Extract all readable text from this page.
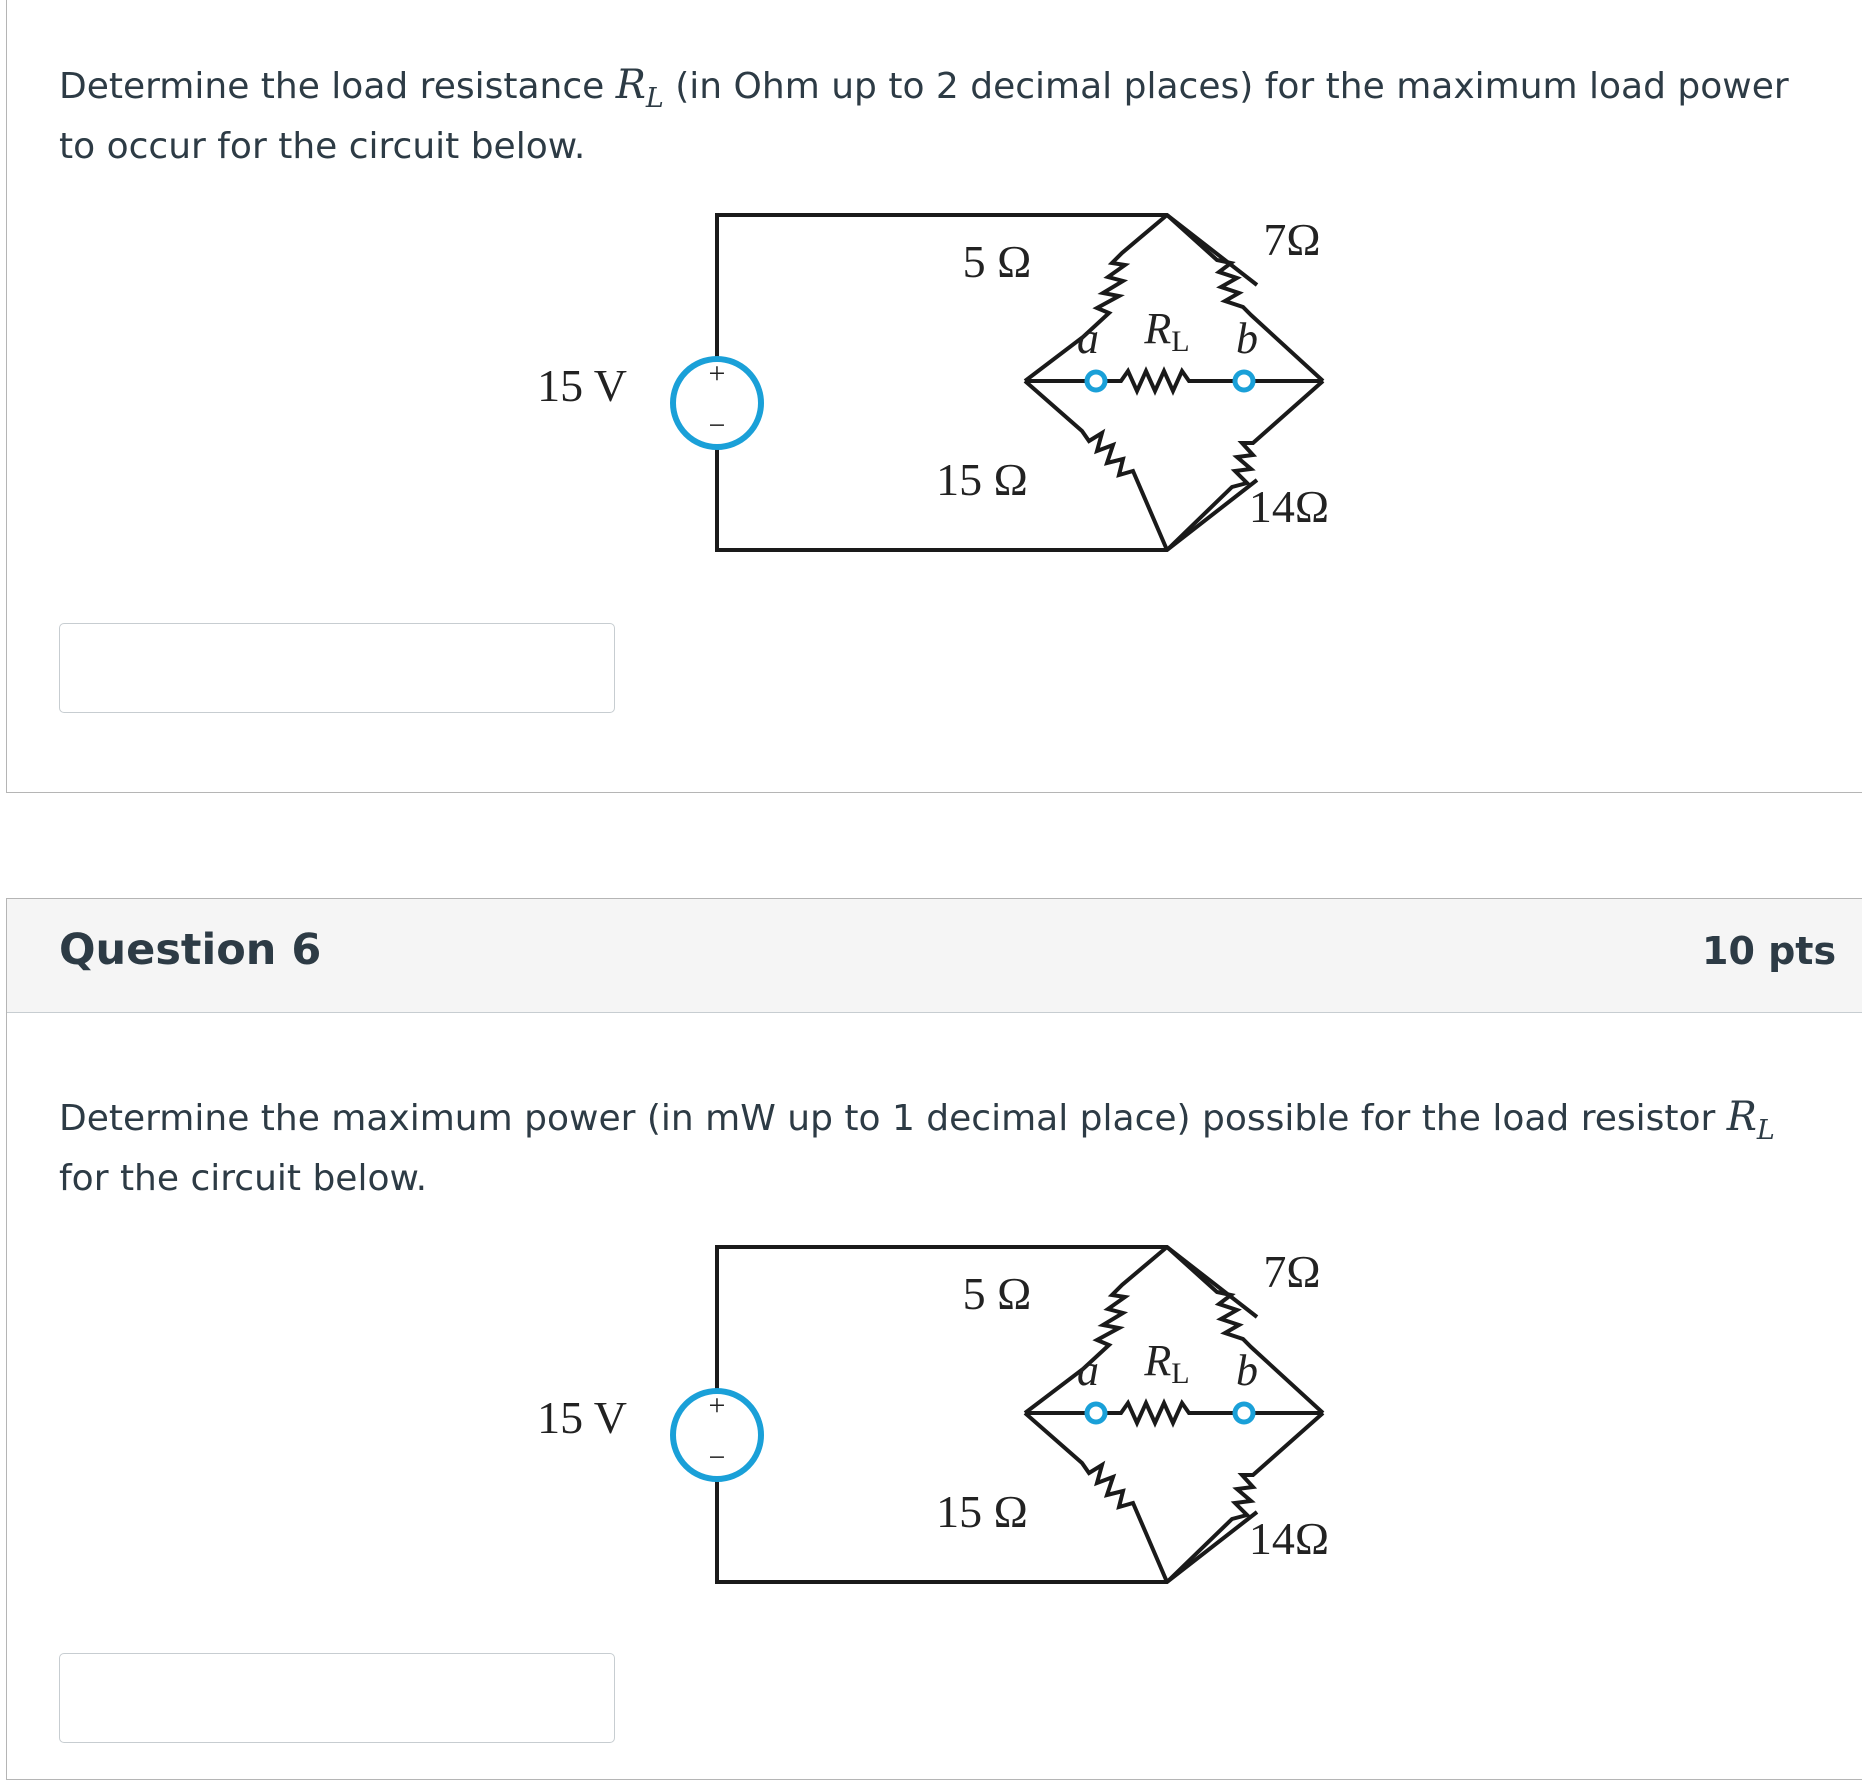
Determine the load resistance $R_L$ (in Ohm up to 2 decimal places) for the maximum load power to occur for the circuit below.
+
−
15 V
5 Ω	7Ω
15 Ω
14Ω
a	b
RL
Question 6	10 pts
Determine the maximum power (in mW up to 1 decimal place) possible for the load resistor $R_L$ for the circuit below.
+
−
15 V
5 Ω	7Ω
15 Ω
14Ω
a	b
RL
